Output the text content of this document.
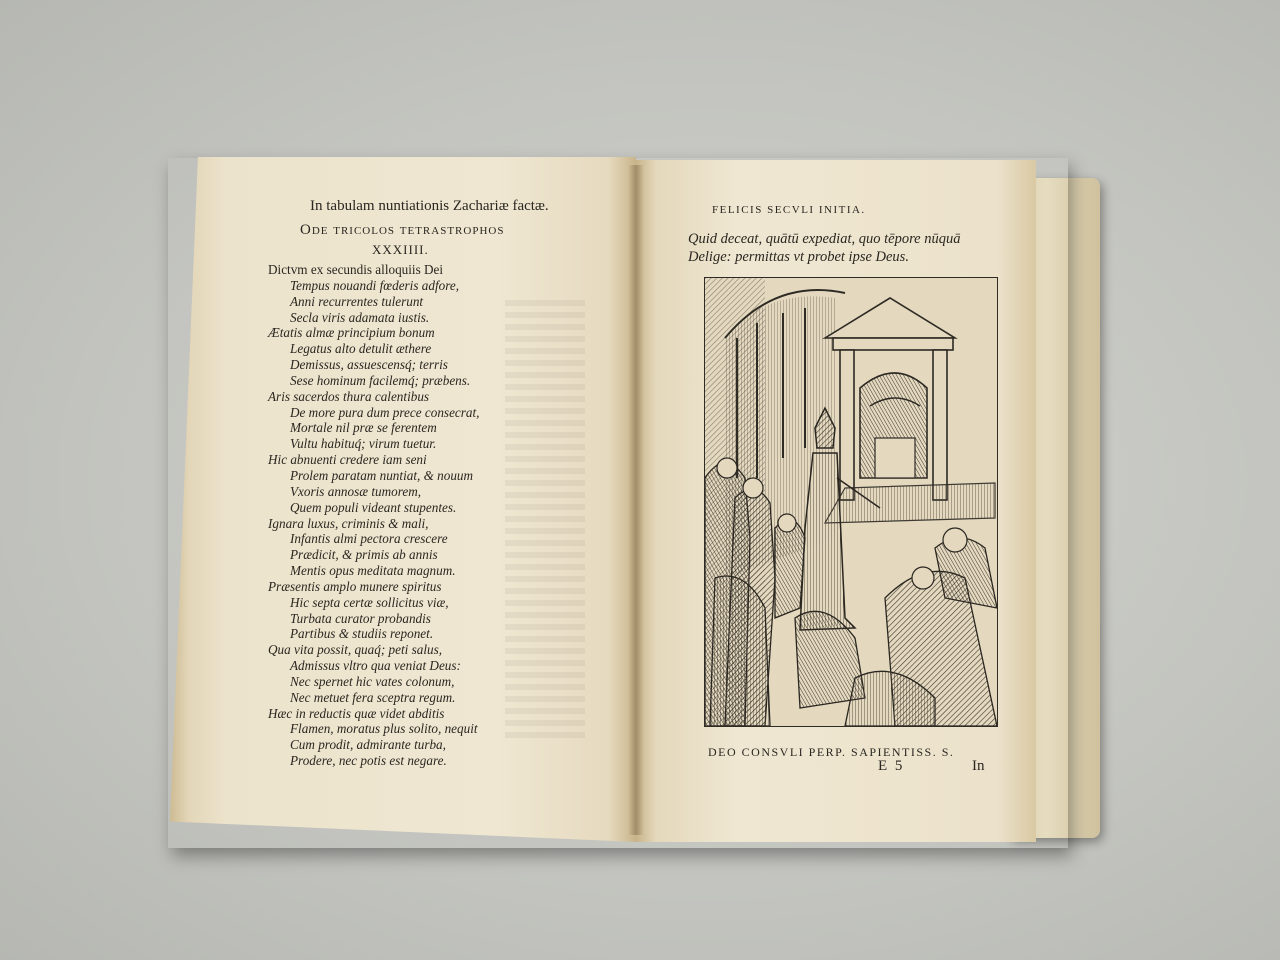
In tabulam nuntiationis Zachariæ factæ.
Ode tricolos tetrastrophos
XXXIIII.
Dictvm ex secundis alloquiis Dei
Tempus nouandi fœderis adfore,
Anni recurrentes tulerunt
Secla viris adamata iustis.
Ætatis almæ principium bonum
Legatus alto detulit æthere
Demissus, assuescensq́; terris
Sese hominum facilemq́; præbens.
Aris sacerdos thura calentibus
De more pura dum prece consecrat,
Mortale nil præ se ferentem
Vultu habituq́; virum tuetur.
Hic abnuenti credere iam seni
Prolem paratam nuntiat, & nouum
Vxoris annosæ tumorem,
Quem populi videant stupentes.
Ignara luxus, criminis & mali,
Infantis almi pectora crescere
Prædicit, & primis ab annis
Mentis opus meditata magnum.
Præsentis amplo munere spiritus
Hic septa certæ sollicitus viæ,
Turbata curator probandis
Partibus & studiis reponet.
Qua vita possit, quaq́; peti salus,
Admissus vltro qua veniat Deus:
Nec spernet hic vates colonum,
Nec metuet fera sceptra regum.
Hæc in reductis quæ videt abditis
Flamen, moratus plus solito, nequit
Cum prodit, admirante turba,
Prodere, nec potis est negare.
FELICIS SECVLI INITIA.
Quid deceat, quātū expediat, quo tēpore nūquā
Delige: permittas vt probet ipse Deus.
DEO CONSVLI PERP. SAPIENTISS. S.
E 5	In
